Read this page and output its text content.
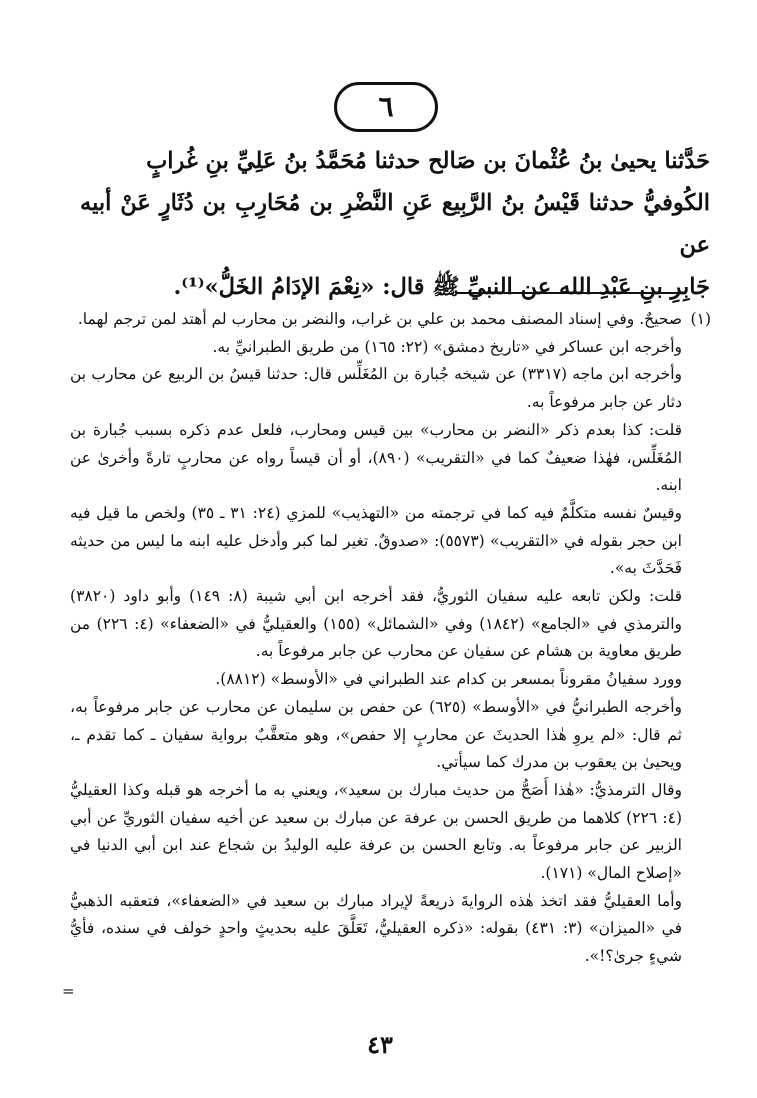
٦

حَدَّثنا يحيىٰ بنُ عُثْمانَ بن صَالح حدثنا مُحَمَّدُ بنُ عَلِيِّ بنِ غُرابٍ

الكُوفيُّ حدثنا قَيْسُ بنُ الرَّبِيع عَنِ النَّضْرِ بن مُحَارِبِ بن دُثَارٍ عَنْ أبيه عن

جَابِرِ بنِ عَبْدِ الله عن النبيِّ ﷺ قال: «نِعْمَ الإدَامُ الخَلُّ»⁽¹⁾.

(١)

صحيحٌ. وفي إسناد المصنف محمد بن علي بن غراب، والنضر بن محارب لم أهتد لمن ترجم لهما.

وأخرجه ابن عساكر في «تاريخ دمشق» (٢٢: ١٦٥) من طريق الطبرانيِّ به.

وأخرجه ابن ماجه (٣٣١٧) عن شيخه جُبارة بن المُغَلِّس قال: حدثنا قيسُ بن الربيع عن محارب بن دثار عن جابر مرفوعاً به.

قلت: كذا بعدم ذكر «النضر بن محارب» بين قيس ومحارب، فلعل عدم ذكره بسبب جُبارة بن المُغَلِّس، فهٰذا ضعيفٌ كما في «التقريب» (٨٩٠)، أو أن قيساً رواه عن محاربٍ تارةً وأخرىٰ عن ابنه.

وقيسٌ نفسه متكلَّمٌ فيه كما في ترجمته من «التهذيب» للمزي (٢٤: ٣١ ـ ٣٥) ولخص ما قيل فيه ابن حجر بقوله في «التقريب» (٥٥٧٣): «صدوقٌ. تغير لما كبر وأدخل عليه ابنه ما ليس من حديثه فَحَدَّثَ به».

قلت: ولكن تابعه عليه سفيان الثوريُّ، فقد أخرجه ابن أبي شيبة (٨: ١٤٩) وأبو داود (٣٨٢٠) والترمذي في «الجامع» (١٨٤٢) وفي «الشمائل» (١٥٥) والعقيليُّ في «الضعفاء» (٤: ٢٢٦) من طريق معاوية بن هشام عن سفيان عن محارب عن جابر مرفوعاً به.

وورد سفيانُ مقروناً بمسعر بن كدام عند الطبراني في «الأوسط» (٨٨١٢).

وأخرجه الطبرانيُّ في «الأوسط» (٦٢٥) عن حفص بن سليمان عن محارب عن جابر مرفوعاً به، ثم قال: «لم يروِ هٰذا الحديثَ عن محاربٍ إلا حفص»، وهو متعقَّبٌ برواية سفيان ـ كما تقدم ـ، ويحيىٰ بن يعقوب بن مدرك كما سيأتي.

وقال الترمذيُّ: «هٰذا أَصَحُّ من حديث مبارك بن سعيد»، ويعني به ما أخرجه هو قبله وكذا العقيليُّ (٤: ٢٢٦) كلاهما من طريق الحسن بن عرفة عن مبارك بن سعيد عن أخيه سفيان الثوريِّ عن أبي الزبير عن جابر مرفوعاً به. وتابع الحسن بن عرفة عليه الوليدُ بن شجاع عند ابن أبي الدنيا في «إصلاح المال» (١٧١).

وأما العقيليُّ فقد اتخذ هٰذه الروايةَ ذريعةً لإيراد مبارك بن سعيد في «الضعفاء»، فتعقبه الذهبيُّ في «الميزان» (٣: ٤٣١) بقوله: «ذكره العقيليُّ، تَعَلَّقَ عليه بحديثٍ واحدٍ خولف في سنده، فأيُّ شيءٍ جرىٰ؟!».

=
٤٣
